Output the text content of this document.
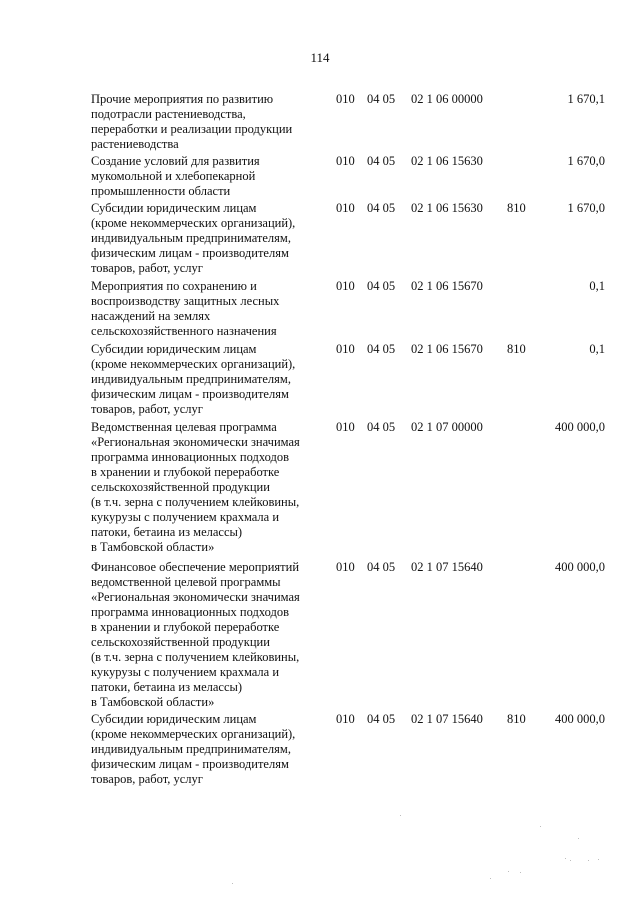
114

Прочие мероприятия по развитию
подотрасли растениеводства,
переработки и реализации продукции
растениеводства

010 04 05	02 1 06 00000	1 670,1

Создание условий для развития
мукомольной и хлебопекарной
промышленности области

010 04 05	02 1 06 15630	1 670,0

Субсидии юридическим лицам
(кроме некоммерческих организаций),
индивидуальным предпринимателям,
физическим лицам - производителям
товаров, работ, услуг

010 04 05	02 1 06 15630 810	1 670,0

Мероприятия по сохранению и
воспроизводству защитных лесных
насаждений на землях
сельскохозяйственного назначения

010 04 05	02 1 06 15670	0,1

Субсидии юридическим лицам
(кроме некоммерческих организаций),
индивидуальным предпринимателям,
физическим лицам - производителям
товаров, работ, услуг

010 04 05	02 1 06 15670 810	0,1

Ведомственная целевая программа
«Региональная экономически значимая
программа инновационных подходов
в хранении и глубокой переработке
сельскохозяйственной продукции
(в т.ч. зерна с получением клейковины,
кукурузы с получением крахмала и
патоки, бетаина из мелассы)
в Тамбовской области»

010 04 05	02 1 07 00000	400 000,0

Финансовое обеспечение мероприятий
ведомственной целевой программы
«Региональная экономически значимая
программа инновационных подходов
в хранении и глубокой переработке
сельскохозяйственной продукции
(в т.ч. зерна с получением клейковины,
кукурузы с получением крахмала и
патоки, бетаина из мелассы)
в Тамбовской области»

010 04 05	02 1 07 15640	400 000,0

Субсидии юридическим лицам
(кроме некоммерческих организаций),
индивидуальным предпринимателям,
физическим лицам - производителям
товаров, работ, услуг

010 04 05	02 1 07 15640 810	400 000,0
